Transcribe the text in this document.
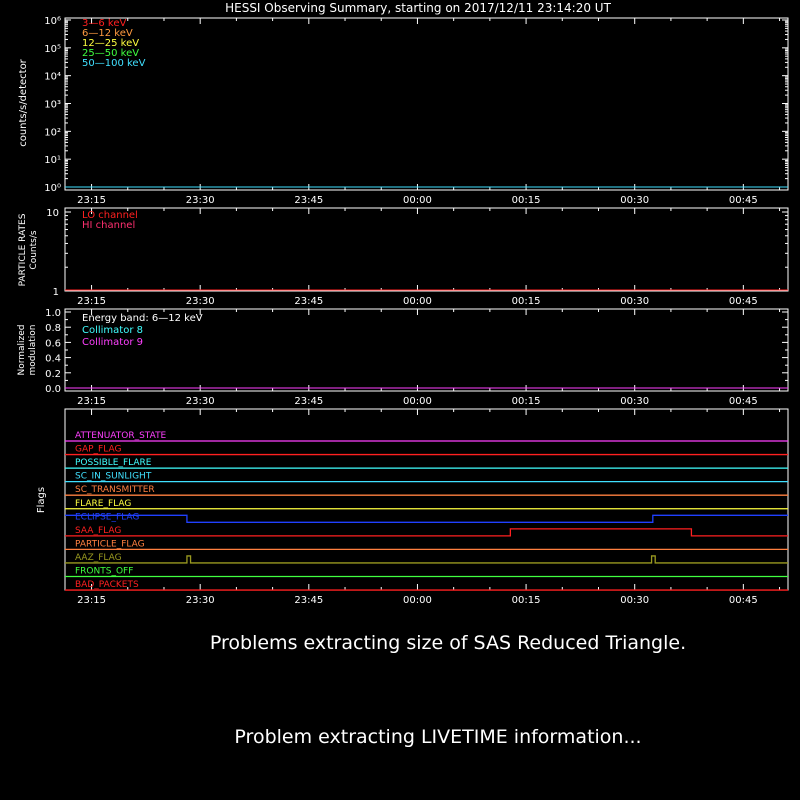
HESSI Observing Summary, starting on 2017/12/11 23:14:20 UT
23:15	23:30	23:45	00:00	00:15	00:30	00:45
10⁰
10¹
10²
10³
10⁴
10⁵
10⁶
counts/s/detector
3—6 keV
6—12 keV
12—25 keV
25—50 keV
50—100 keV
23:15	23:30	23:45	00:00	00:15	00:30	00:45
1
10
PARTICLE RATES Counts/s
LO channel
HI channel
23:15	23:30	23:45	00:00	00:15	00:30	00:45
0.0
0.2
0.4
0.6
0.8
1.0
Normalized modulation
Energy band: 6—12 keV
Collimator 8
Collimator 9
23:15	23:30	23:45	00:00	00:15	00:30	00:45
Flags
ATTENUATOR_STATE
GAP_FLAG
POSSIBLE_FLARE
SC_IN_SUNLIGHT
SC_TRANSMITTER
FLARE_FLAG
ECLIPSE_FLAG
SAA_FLAG
PARTICLE_FLAG
AAZ_FLAG
FRONTS_OFF
BAD_PACKETS
Problems extracting size of SAS Reduced Triangle.
Problem extracting LIVETIME information...
